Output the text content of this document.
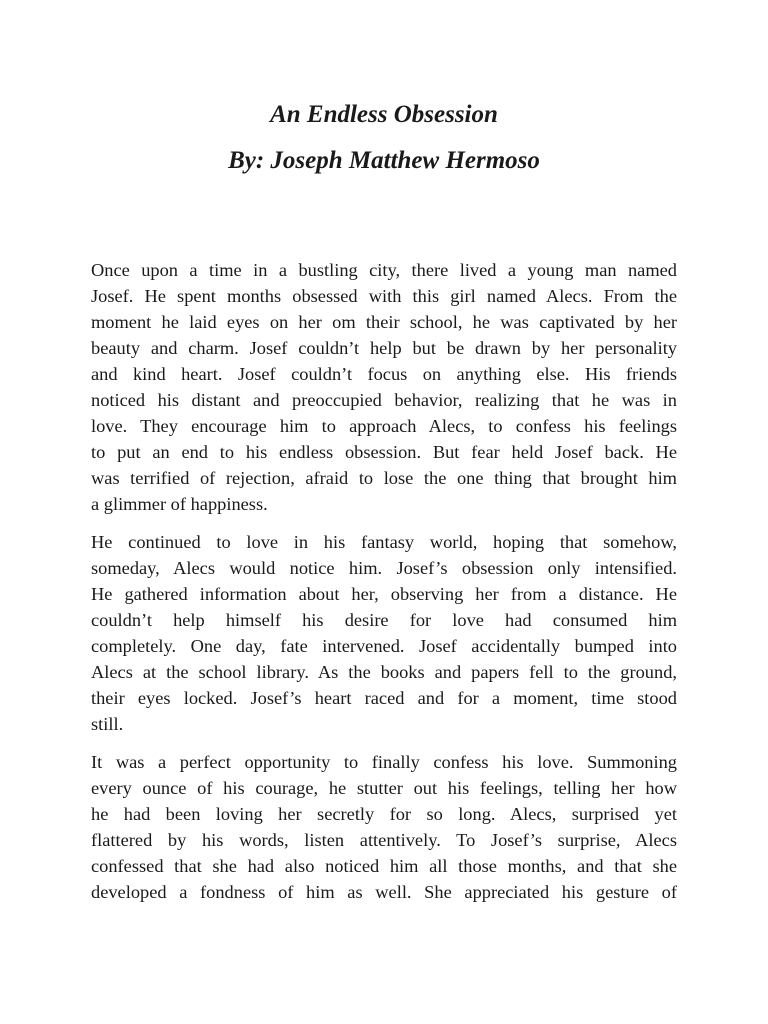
An Endless Obsession

By: Joseph Matthew Hermoso

Once upon a time in a bustling city, there lived a young man named
Josef. He spent months obsessed with this girl named Alecs. From the
moment he laid eyes on her om their school, he was captivated by her
beauty and charm. Josef couldn’t help but be drawn by her personality
and kind heart. Josef couldn’t focus on anything else. His friends
noticed his distant and preoccupied behavior, realizing that he was in
love. They encourage him to approach Alecs, to confess his feelings
to put an end to his endless obsession. But fear held Josef back. He
was terrified of rejection, afraid to lose the one thing that brought him
a glimmer of happiness.

He continued to love in his fantasy world, hoping that somehow,
someday, Alecs would notice him. Josef’s obsession only intensified.
He gathered information about her, observing her from a distance. He
couldn’t help himself his desire for love had consumed him
completely. One day, fate intervened. Josef accidentally bumped into
Alecs at the school library. As the books and papers fell to the ground,
their eyes locked. Josef’s heart raced and for a moment, time stood
still.

It was a perfect opportunity to finally confess his love. Summoning
every ounce of his courage, he stutter out his feelings, telling her how
he had been loving her secretly for so long. Alecs, surprised yet
flattered by his words, listen attentively. To Josef’s surprise, Alecs
confessed that she had also noticed him all those months, and that she
developed a fondness of him as well. She appreciated his gesture of
